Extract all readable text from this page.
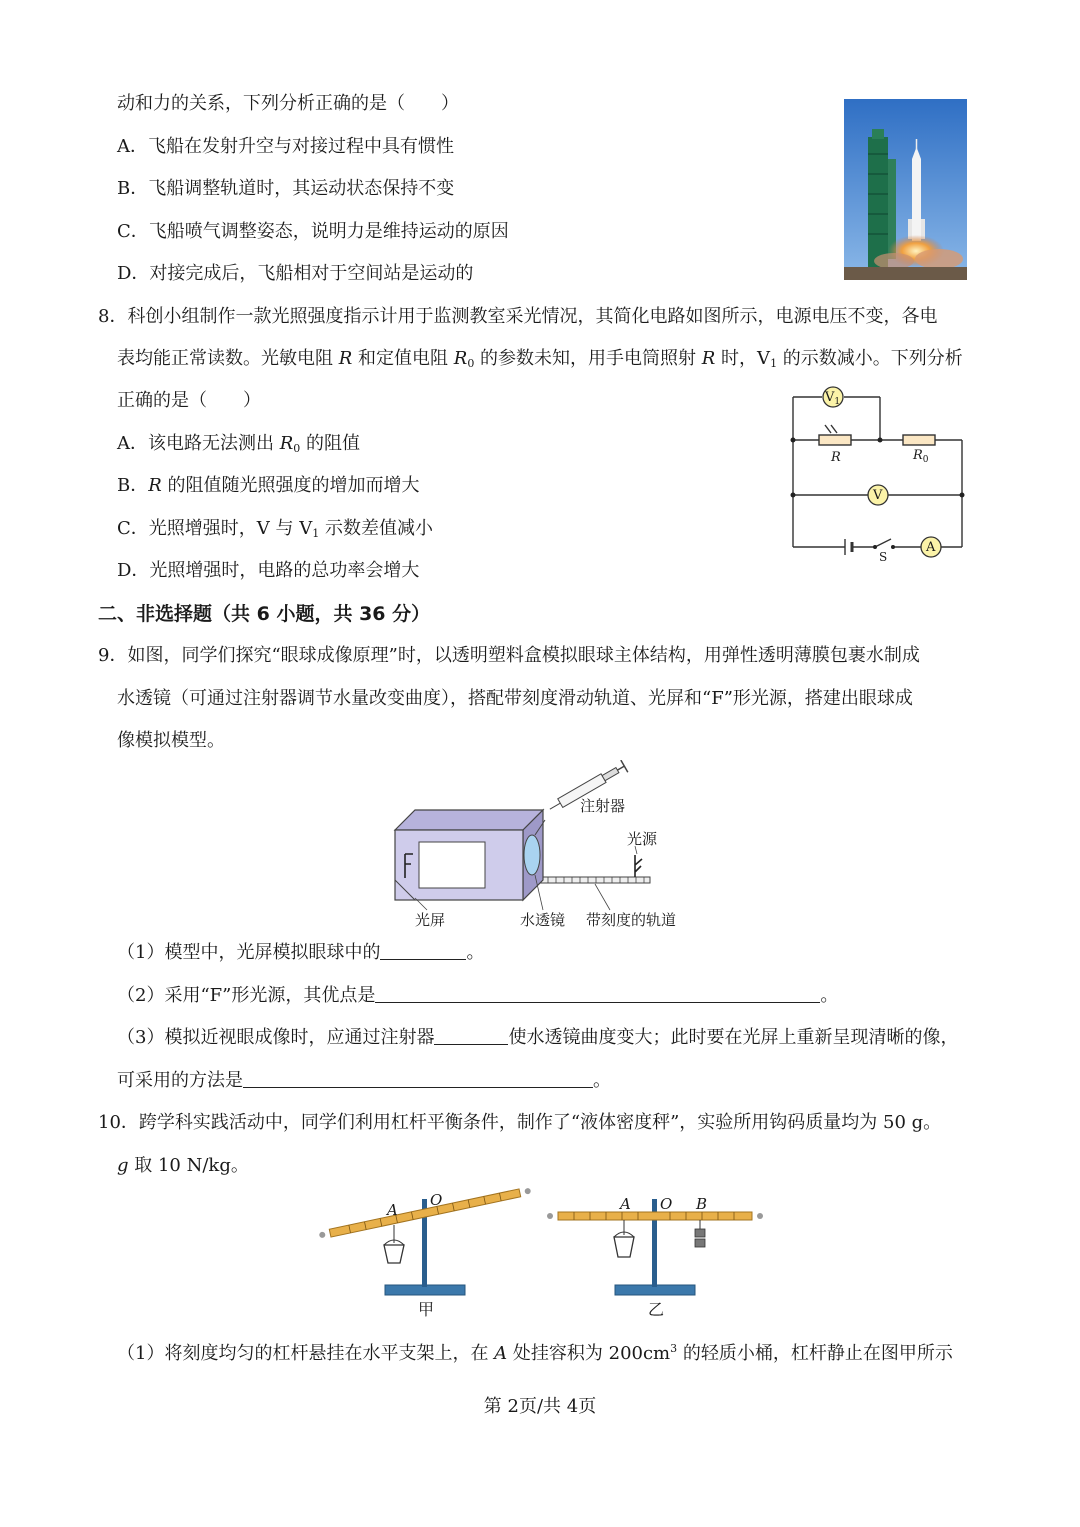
动和力的关系，下列分析正确的是（　　）
A．飞船在发射升空与对接过程中具有惯性
B．飞船调整轨道时，其运动状态保持不变
C．飞船喷气调整姿态，说明力是维持运动的原因
D．对接完成后，飞船相对于空间站是运动的
8．科创小组制作一款光照强度指示计用于监测教室采光情况，其简化电路如图所示，电源电压不变，各电
表均能正常读数。光敏电阻 R 和定值电阻 $R_0$ 的参数未知，用手电筒照射 R 时，$V_1$ 的示数减小。下列分析
正确的是（　　）
A．该电路无法测出 $R_0$ 的阻值
B．R 的阻值随光照强度的增加而增大
C．光照增强时，V 与 $V_1$ 示数差值减小
D．光照增强时，电路的总功率会增大
$V_1$
R	$R_0$
V
A
S
二、非选择题（共 6 小题，共 36 分）
9．如图，同学们探究“眼球成像原理”时，以透明塑料盒模拟眼球主体结构，用弹性透明薄膜包裹水制成
水透镜（可通过注射器调节水量改变曲度），搭配带刻度滑动轨道、光屏和“F”形光源，搭建出眼球成
像模拟模型。
注射器
光源
光屏	水透镜 带刻度的轨道
（1）模型中，光屏模拟眼球中的	。
（2）采用“F”形光源，其优点是	。
（3）模拟近视眼成像时，应通过注射器	使水透镜曲度变大；此时要在光屏上重新呈现清晰的像，
可采用的方法是	。
10．跨学科实践活动中，同学们利用杠杆平衡条件，制作了“液体密度秤”，实验所用钩码质量均为 50 g。
g 取 10 N/kg。
A
O
甲
A O B
乙
（1）将刻度均匀的杠杆悬挂在水平支架上，在 A 处挂容积为 $200cm^3$ 的轻质小桶，杠杆静止在图甲所示
第 2页/共 4页
